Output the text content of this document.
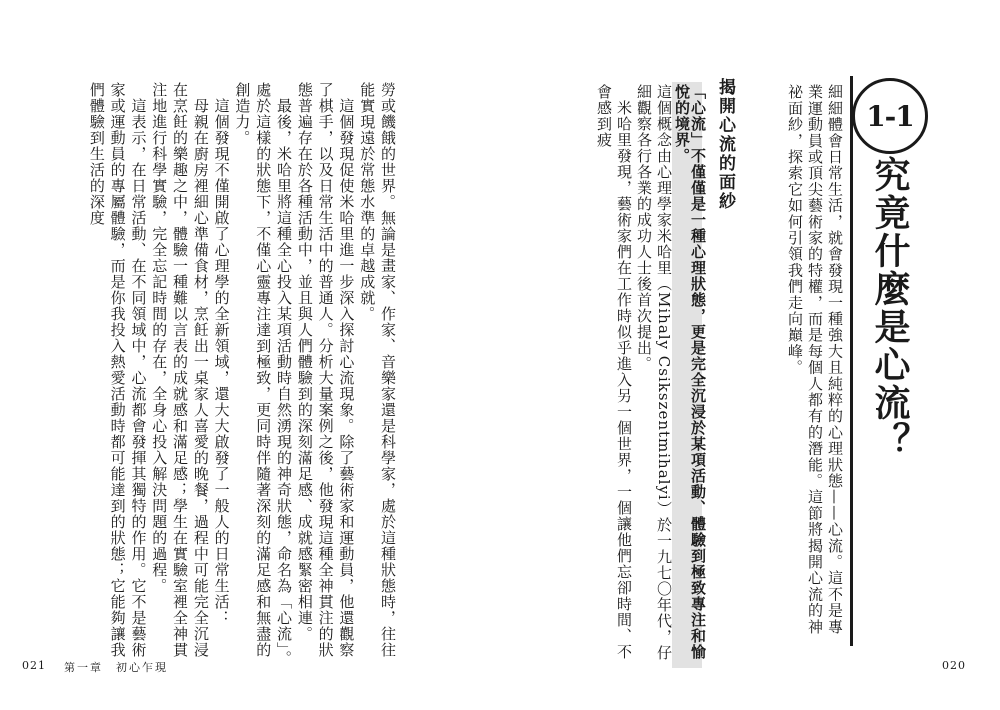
勞或饑餓的世界。無論是畫家、作家、音樂家還是科學家，處於這種狀態時，往往能實現遠於常態水準的卓越成就。
　這個發現促使米哈里進一步深入探討心流現象。除了藝術家和運動員，他還觀察了棋手，以及日常生活中的普通人。分析大量案例之後，他發現這種全神貫注的狀態普遍存在於各種活動中，並且與人們體驗到的深刻滿足感、成就感緊密相連。
　最後，米哈里將這種全心投入某項活動時自然湧現的神奇狀態，命名為「心流」。處於這樣的狀態下，不僅心靈專注達到極致，更同時伴隨著深刻的滿足感和無盡的創造力。
　這個發現不僅開啟了心理學的全新領域，還大大啟發了一般人的日常生活：
　母親在廚房裡細心準備食材，烹飪出一桌家人喜愛的晚餐，過程中可能完全沉浸在烹飪的樂趣之中，體驗一種難以言表的成就感和滿足感；學生在實驗室裡全神貫注地進行科學實驗，完全忘記時間的存在，全身心投入解決問題的過程。
　這表示，在日常活動、在不同領域中，心流都會發揮其獨特的作用。它不是藝術家或運動員的專屬體驗，而是你我投入熱愛活動時都可能達到的狀態；它能夠讓我們體驗到生活的深度
021 第一章　初心乍現
1-1
究竟什麼是心流？
細細體會日常生活，就會發現一種強大且純粹的心理狀態——心流。這不是專業運動員或頂尖藝術家的特權，而是每個人都有的潛能。這節將揭開心流的神祕面紗，探索它如何引領我們走向巔峰。
揭開心流的面紗
「心流」不僅僅是一種心理狀態，更是完全沉浸於某項活動、體驗到極致專注和愉悅的境界。
這個概念由心理學家米哈里（Mihaly Csikszentmihalyi）於一九七〇年代，仔細觀察各行各業的成功人士後首次提出。
　米哈里發現，藝術家們在工作時似乎進入另一個世界，一個讓他們忘卻時間、不會感到疲
020
